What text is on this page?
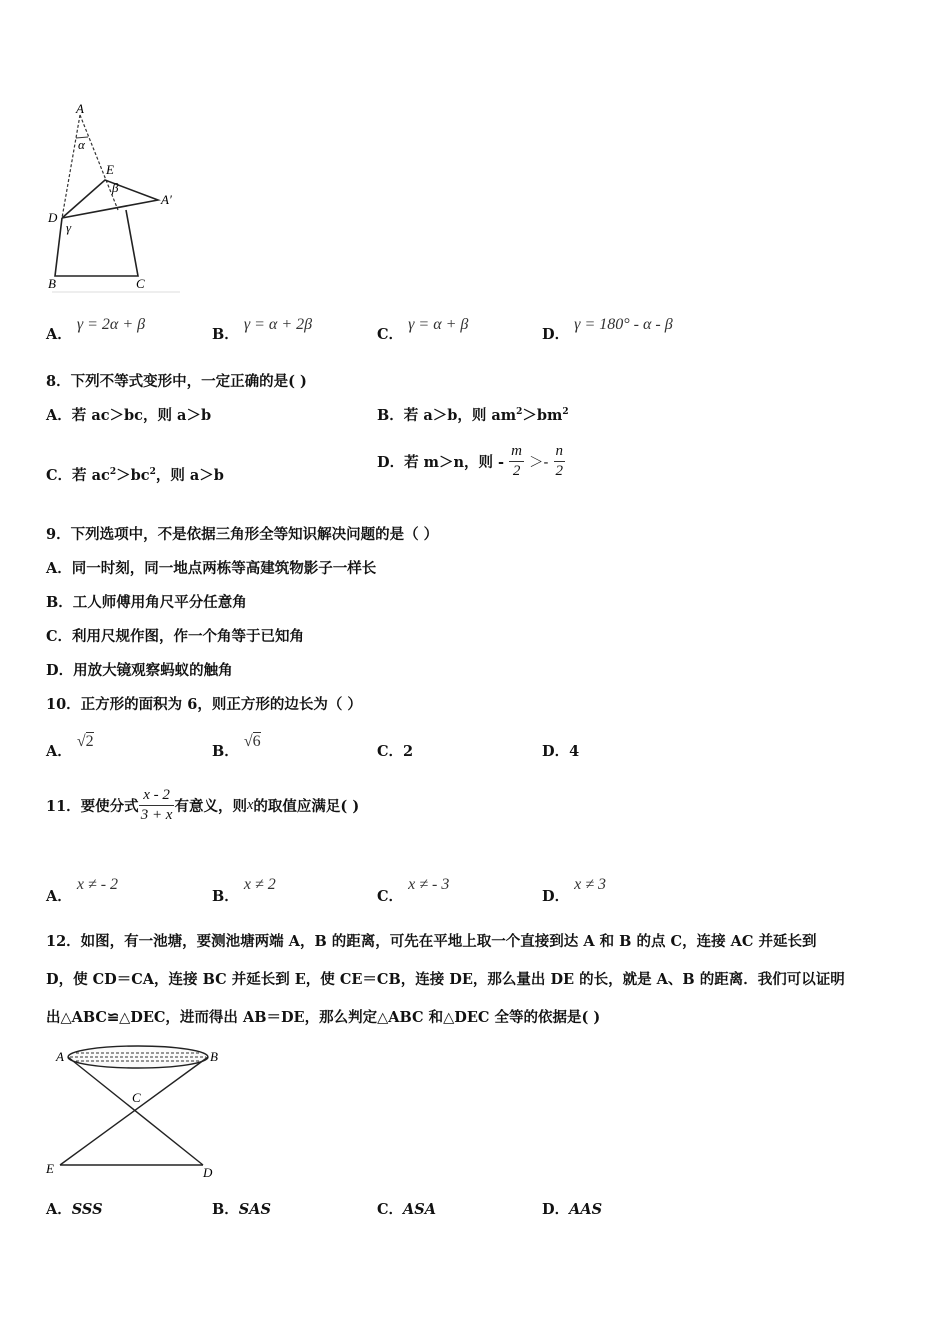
A
α
E
β
A′
D
γ
B	C
A． γ = 2α + β
B． γ = α + 2β
C． γ = α + β
D． γ = 180° - α - β
8．下列不等式变形中，一定正确的是( )
A．若 ac＞bc，则 a＞b	B．若 a＞b，则 $am^2>bm^2$
C．若 $ac^2>bc^2$，则 a＞b
D．若 m＞n，则 - $\frac{m}{2} >- \frac{n}{2}$
9．下列选项中，不是依据三角形全等知识解决问题的是（ ）
A．同一时刻，同一地点两栋等高建筑物影子一样长
B．工人师傅用角尺平分任意角
C．利用尺规作图，作一个角等于已知角
D．用放大镜观察蚂蚁的触角
10．正方形的面积为 6，则正方形的边长为（ ）
A． √2
B． √6
C．2	D．4
11．要使分式 $\frac{x - 2}{3 + x}$ 有意义，则x的取值应满足( )
A． x ≠ - 2
B． x ≠ 2
C． x ≠ - 3
D． x ≠ 3
12．如图，有一池塘，要测池塘两端 A，B 的距离，可先在平地上取一个直接到达 A 和 B 的点 C，连接 AC 并延长到
D，使 CD＝CA，连接 BC 并延长到 E，使 CE＝CB，连接 DE，那么量出 DE 的长，就是 A、B 的距离．我们可以证明
出△ABC≌△DEC，进而得出 AB＝DE，那么判定△ABC 和△DEC 全等的依据是( )
A	B
C
E	D
A．SSS	B．SAS	C．ASA	D．AAS
